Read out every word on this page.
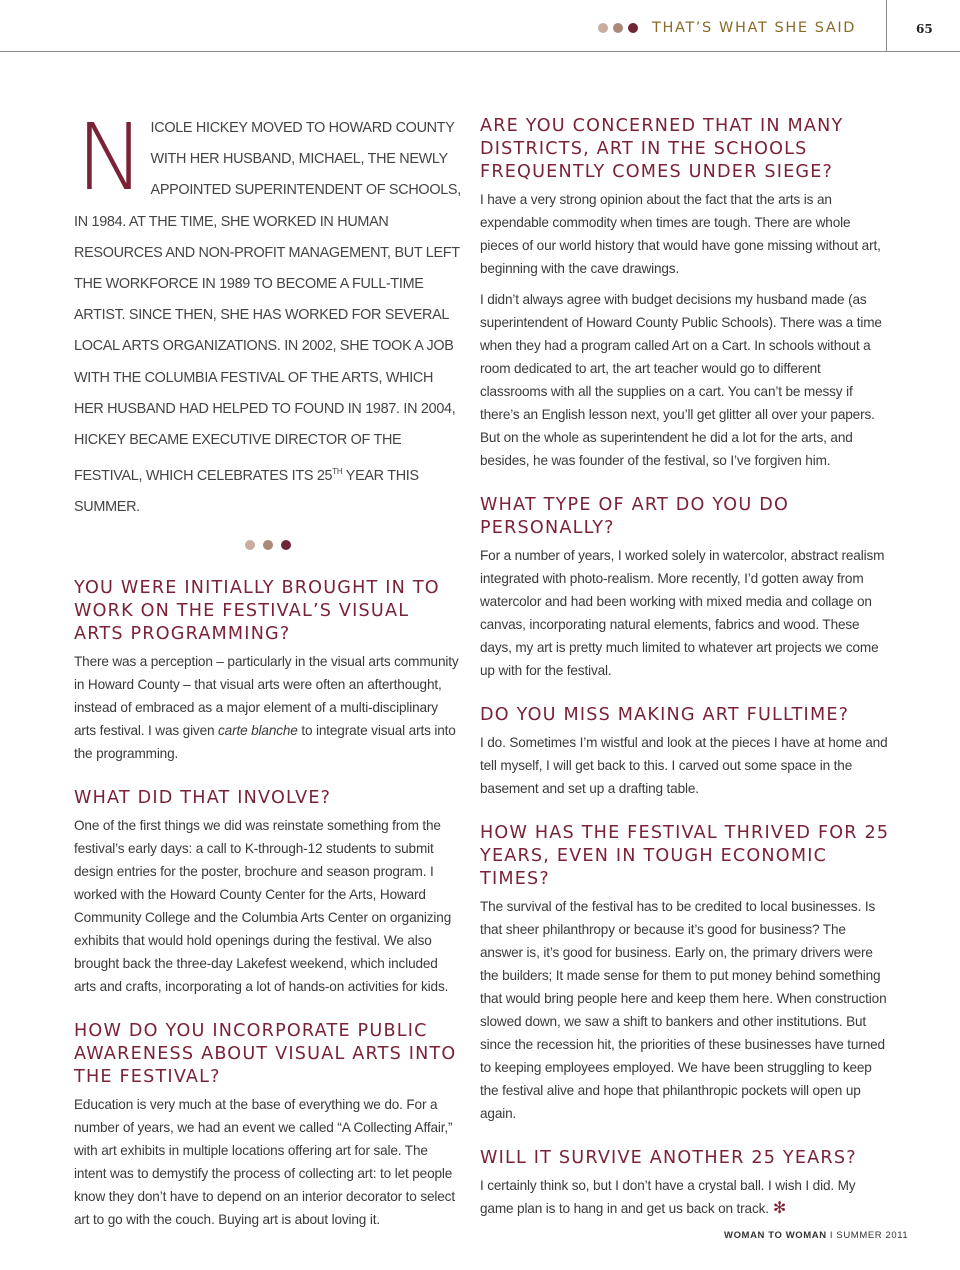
THAT’S WHAT SHE SAID	65
NICOLE HICKEY MOVED TO HOWARD COUNTY WITH HER HUSBAND, MICHAEL, THE NEWLY APPOINTED SUPERINTENDENT OF SCHOOLS, IN 1984. AT THE TIME, SHE WORKED IN HUMAN RESOURCES AND NON-PROFIT MANAGEMENT, BUT LEFT THE WORKFORCE IN 1989 TO BECOME A FULL-TIME ARTIST. SINCE THEN, SHE HAS WORKED FOR SEVERAL LOCAL ARTS ORGANIZATIONS. IN 2002, SHE TOOK A JOB WITH THE COLUMBIA FESTIVAL OF THE ARTS, WHICH HER HUSBAND HAD HELPED TO FOUND IN 1987. IN 2004, HICKEY BECAME EXECUTIVE DIRECTOR OF THE FESTIVAL, WHICH CELEBRATES ITS 25TH YEAR THIS SUMMER.
YOU WERE INITIALLY BROUGHT IN TO WORK ON THE FESTIVAL’S VISUAL ARTS PROGRAMMING?

There was a perception – particularly in the visual arts community in Howard County – that visual arts were often an afterthought, instead of embraced as a major element of a multi-disciplinary arts festival. I was given carte blanche to integrate visual arts into the programming.

WHAT DID THAT INVOLVE?

One of the first things we did was reinstate something from the festival’s early days: a call to K-through-12 students to submit design entries for the poster, brochure and season program. I worked with the Howard County Center for the Arts, Howard Community College and the Columbia Arts Center on organizing exhibits that would hold openings during the festival. We also brought back the three-day Lakefest weekend, which included arts and crafts, incorporating a lot of hands-on activities for kids.

HOW DO YOU INCORPORATE PUBLIC AWARENESS ABOUT VISUAL ARTS INTO THE FESTIVAL?

Education is very much at the base of everything we do. For a number of years, we had an event we called “A Collecting Affair,” with art exhibits in multiple locations offering art for sale. The intent was to demystify the process of collecting art: to let people know they don’t have to depend on an interior decorator to select art to go with the couch. Buying art is about loving it.

ARE YOU CONCERNED THAT IN MANY DISTRICTS, ART IN THE SCHOOLS FREQUENTLY COMES UNDER SIEGE?

I have a very strong opinion about the fact that the arts is an expendable commodity when times are tough. There are whole pieces of our world history that would have gone missing without art, beginning with the cave drawings.

I didn’t always agree with budget decisions my husband made (as superintendent of Howard County Public Schools). There was a time when they had a program called Art on a Cart. In schools without a room dedicated to art, the art teacher would go to different classrooms with all the supplies on a cart. You can’t be messy if there’s an English lesson next, you’ll get glitter all over your papers. But on the whole as superintendent he did a lot for the arts, and besides, he was founder of the festival, so I’ve forgiven him.

WHAT TYPE OF ART DO YOU DO PERSONALLY?

For a number of years, I worked solely in watercolor, abstract realism integrated with photo-realism. More recently, I’d gotten away from watercolor and had been working with mixed media and collage on canvas, incorporating natural elements, fabrics and wood. These days, my art is pretty much limited to whatever art projects we come up with for the festival.

DO YOU MISS MAKING ART FULLTIME?

I do. Sometimes I’m wistful and look at the pieces I have at home and tell myself, I will get back to this. I carved out some space in the basement and set up a drafting table.

HOW HAS THE FESTIVAL THRIVED FOR 25 YEARS, EVEN IN TOUGH ECONOMIC TIMES?

The survival of the festival has to be credited to local businesses. Is that sheer philanthropy or because it’s good for business? The answer is, it’s good for business. Early on, the primary drivers were the builders; It made sense for them to put money behind something that would bring people here and keep them here. When construction slowed down, we saw a shift to bankers and other institutions. But since the recession hit, the priorities of these businesses have turned to keeping employees employed. We have been struggling to keep the festival alive and hope that philanthropic pockets will open up again.

WILL IT SURVIVE ANOTHER 25 YEARS?

I certainly think so, but I don’t have a crystal ball. I wish I did. My game plan is to hang in and get us back on track. ✻

WOMAN TO WOMAN I SUMMER 2011
